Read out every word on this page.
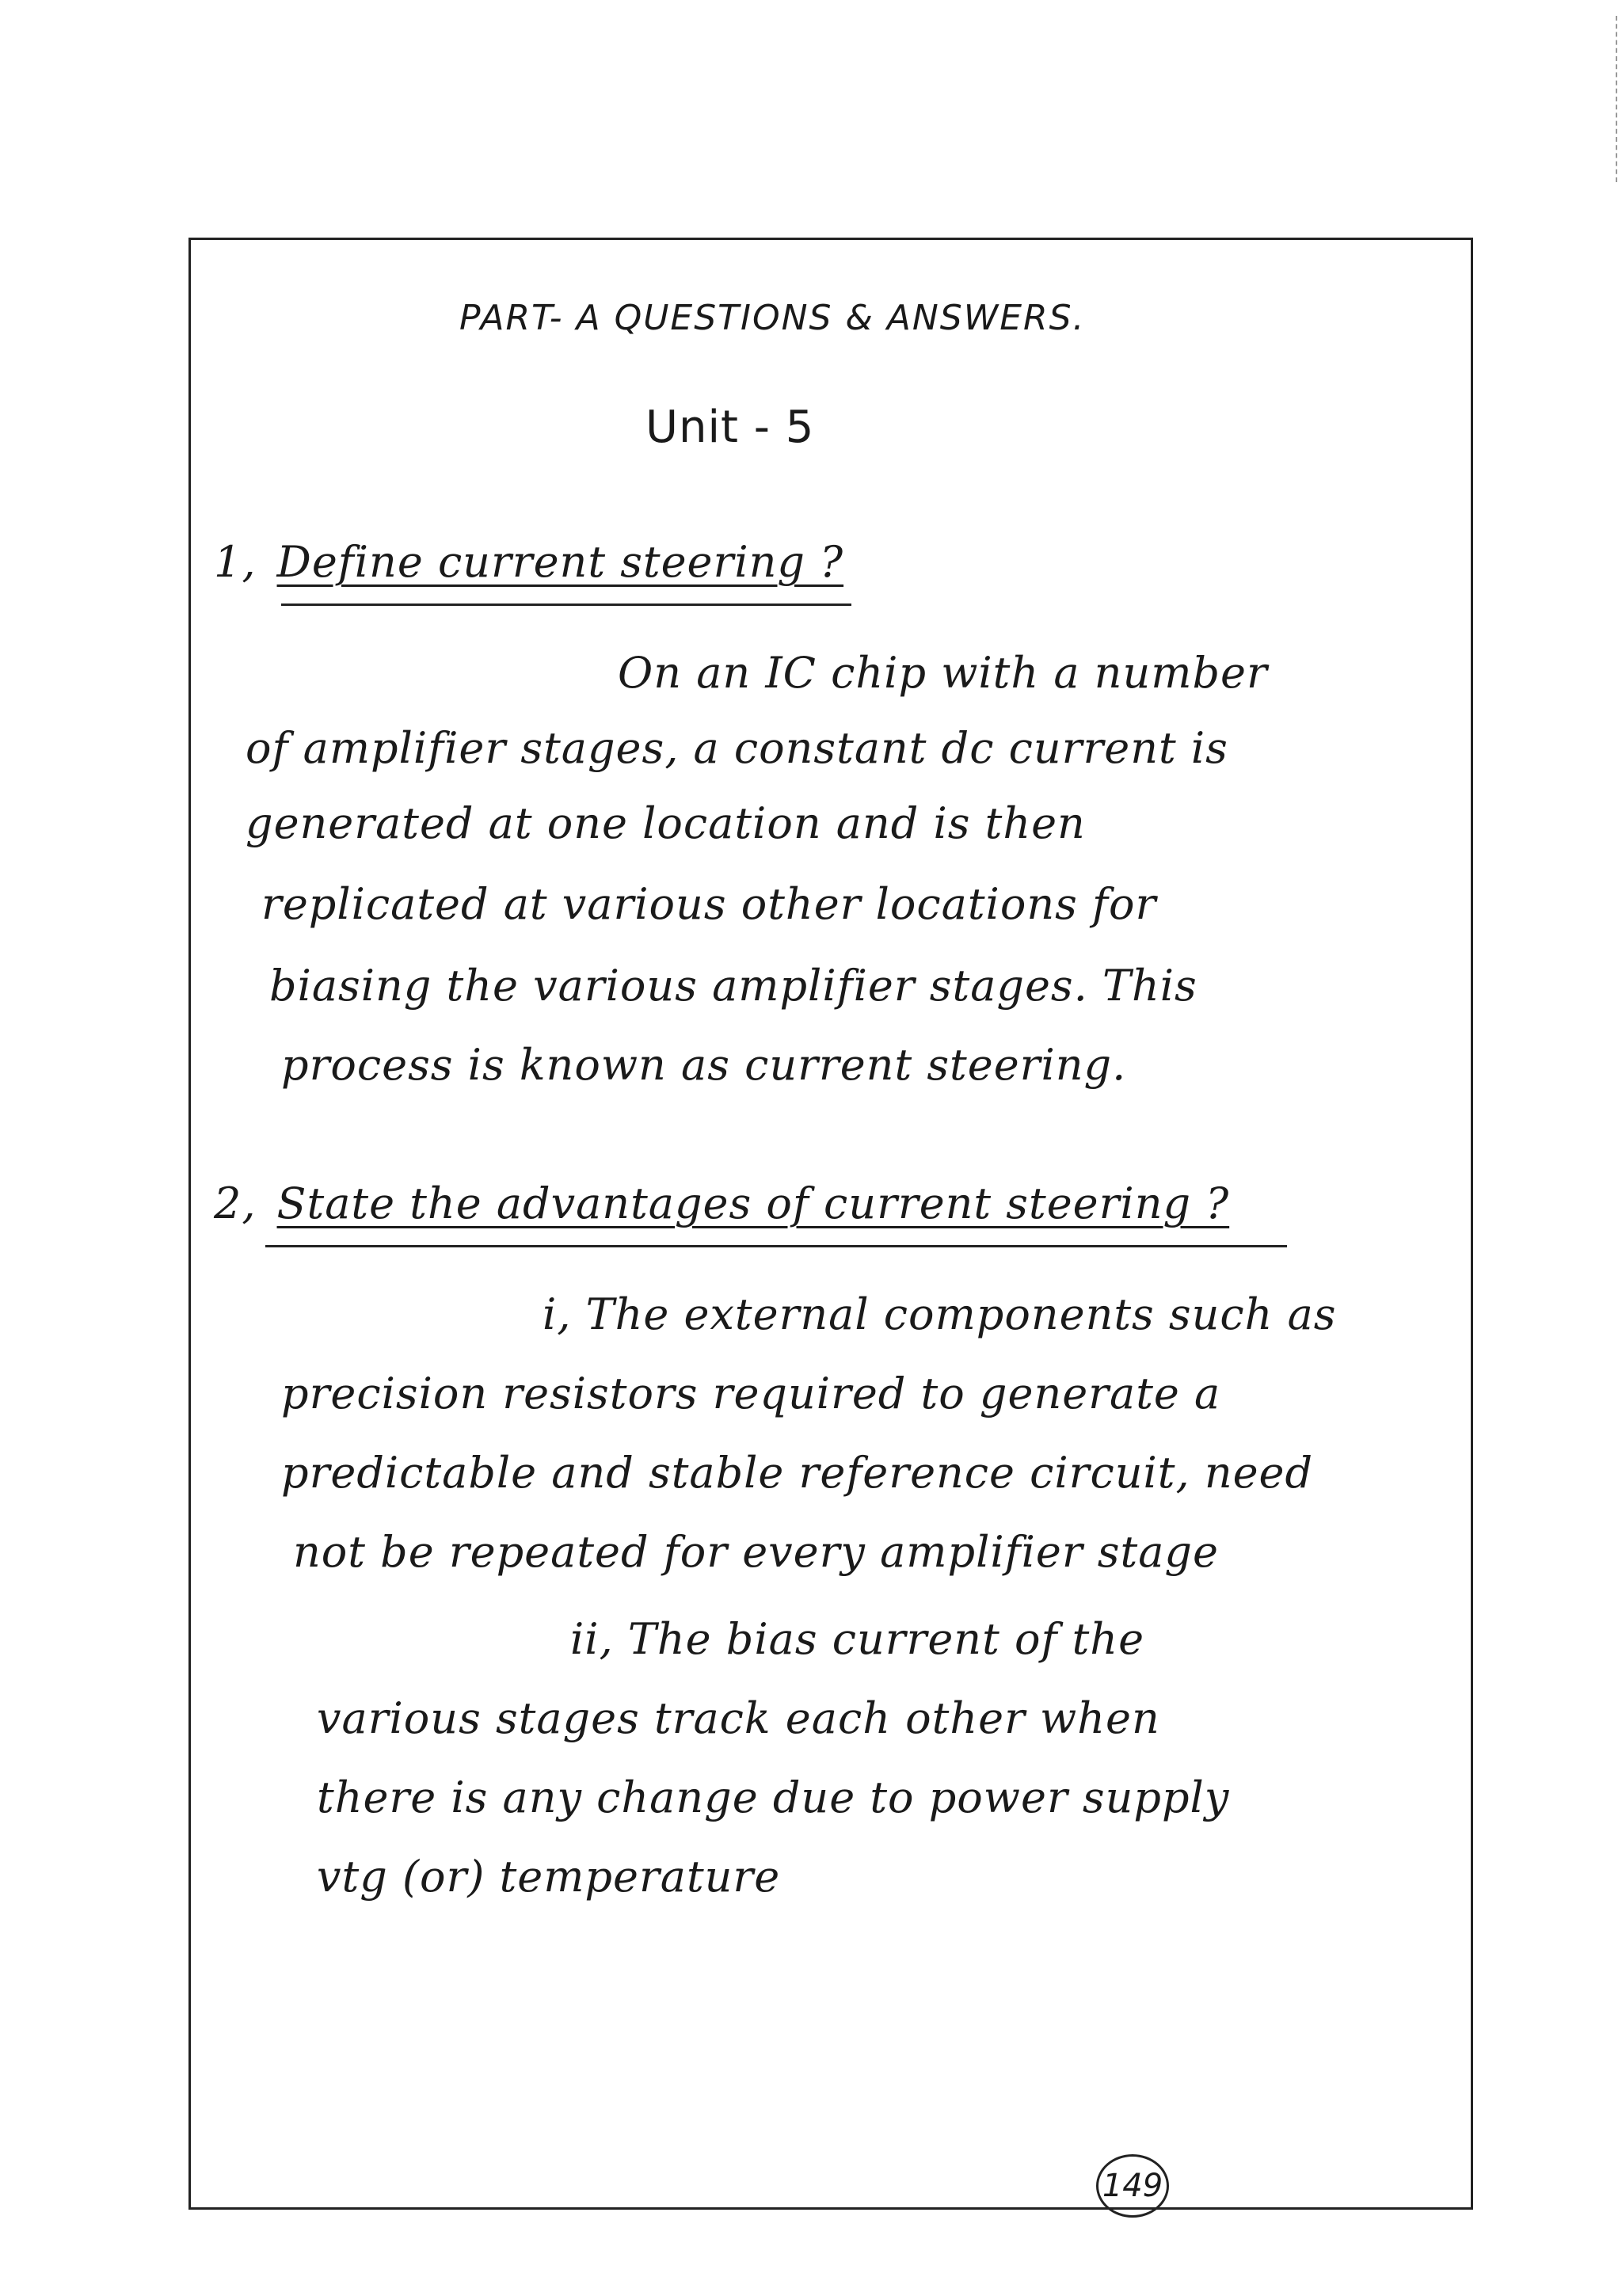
PART- A QUESTIONS & ANSWERS.
Unit - 5
1, Define current steering ?
On an IC chip with a number
of amplifier stages, a constant dc current is
generated at one location and is then
replicated at various other locations for
biasing the various amplifier stages. This
process is known as current steering.
2, State the advantages of current steering ?
i, The external components such as
precision resistors required to generate a
predictable and stable reference circuit, need
not be repeated for every amplifier stage
ii, The bias current of the
various stages track each other when
there is any change due to power supply
vtg (or) temperature
149
